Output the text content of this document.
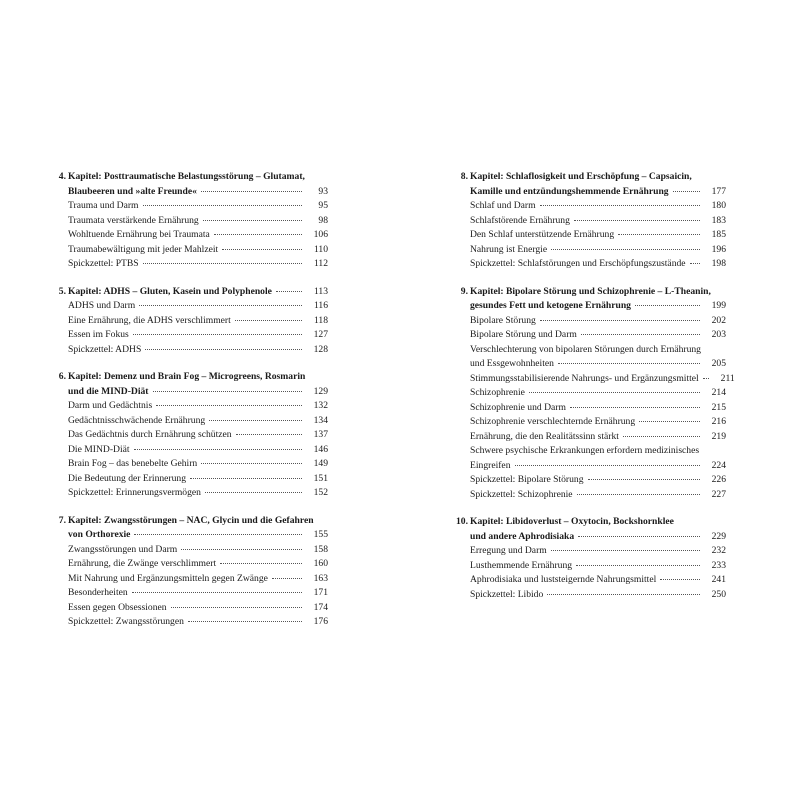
4. Kapitel: Posttraumatische Belastungsstörung – Glutamat,
Blaubeeren und »alte Freunde«	93
Trauma und Darm	95
Traumata verstärkende Ernährung	98
Wohltuende Ernährung bei Traumata	106
Traumabewältigung mit jeder Mahlzeit	110
Spickzettel: PTBS	112
5. Kapitel: ADHS – Gluten, Kasein und Polyphenole	113
ADHS und Darm	116
Eine Ernährung, die ADHS verschlimmert	118
Essen im Fokus	127
Spickzettel: ADHS	128
6. Kapitel: Demenz und Brain Fog – Microgreens, Rosmarin
und die MIND-Diät	129
Darm und Gedächtnis	132
Gedächtnisschwächende Ernährung	134
Das Gedächtnis durch Ernährung schützen	137
Die MIND-Diät	146
Brain Fog – das benebelte Gehirn	149
Die Bedeutung der Erinnerung	151
Spickzettel: Erinnerungsvermögen	152
7. Kapitel: Zwangsstörungen – NAC, Glycin und die Gefahren
von Orthorexie	155
Zwangsstörungen und Darm	158
Ernährung, die Zwänge verschlimmert	160
Mit Nahrung und Ergänzungsmitteln gegen Zwänge	163
Besonderheiten	171
Essen gegen Obsessionen	174
Spickzettel: Zwangsstörungen	176
8. Kapitel: Schlaflosigkeit und Erschöpfung – Capsaicin,
Kamille und entzündungshemmende Ernährung	177
Schlaf und Darm	180
Schlafstörende Ernährung	183
Den Schlaf unterstützende Ernährung	185
Nahrung ist Energie	196
Spickzettel: Schlafstörungen und Erschöpfungszustände	198
9. Kapitel: Bipolare Störung und Schizophrenie – L-Theanin,
gesundes Fett und ketogene Ernährung	199
Bipolare Störung	202
Bipolare Störung und Darm	203
Verschlechterung von bipolaren Störungen durch Ernährung
und Essgewohnheiten	205
Stimmungsstabilisierende Nahrungs- und Ergänzungsmittel	211
Schizophrenie	214
Schizophrenie und Darm	215
Schizophrenie verschlechternde Ernährung	216
Ernährung, die den Realitätssinn stärkt	219
Schwere psychische Erkrankungen erfordern medizinisches
Eingreifen	224
Spickzettel: Bipolare Störung	226
Spickzettel: Schizophrenie	227
10. Kapitel: Libidoverlust – Oxytocin, Bockshornklee
und andere Aphrodisiaka	229
Erregung und Darm	232
Lusthemmende Ernährung	233
Aphrodisiaka und luststeigernde Nahrungsmittel	241
Spickzettel: Libido	250
